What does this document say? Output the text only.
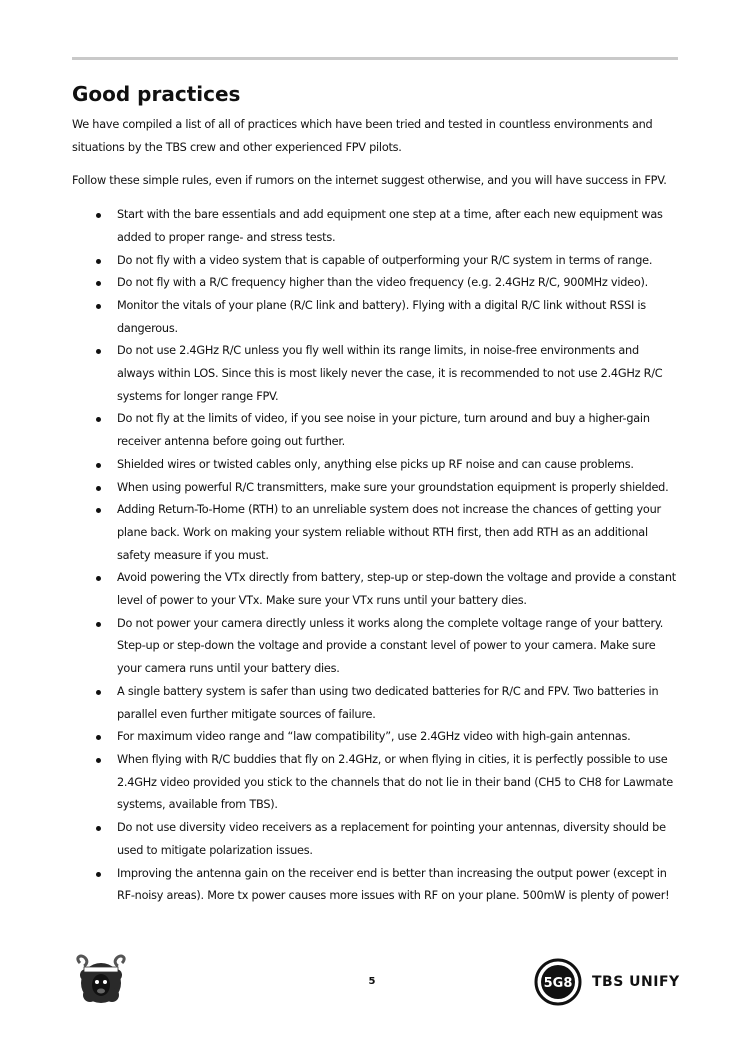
Good practices

We have compiled a list of all of practices which have been tried and tested in countless environments and situations by the TBS crew and other experienced FPV pilots.

Follow these simple rules, even if rumors on the internet suggest otherwise, and you will have success in FPV.

Start with the bare essentials and add equipment one step at a time, after each new equipment was added to proper range- and stress tests.
Do not fly with a video system that is capable of outperforming your R/C system in terms of range.
Do not fly with a R/C frequency higher than the video frequency (e.g. 2.4GHz R/C, 900MHz video).
Monitor the vitals of your plane (R/C link and battery). Flying with a digital R/C link without RSSI is dangerous.
Do not use 2.4GHz R/C unless you fly well within its range limits, in noise-free environments and always within LOS. Since this is most likely never the case, it is recommended to not use 2.4GHz R/C systems for longer range FPV.
Do not fly at the limits of video, if you see noise in your picture, turn around and buy a higher-gain receiver antenna before going out further.
Shielded wires or twisted cables only, anything else picks up RF noise and can cause problems.
When using powerful R/C transmitters, make sure your groundstation equipment is properly shielded.
Adding Return-To-Home (RTH) to an unreliable system does not increase the chances of getting your plane back. Work on making your system reliable without RTH first, then add RTH as an additional safety measure if you must.
Avoid powering the VTx directly from battery, step-up or step-down the voltage and provide a constant level of power to your VTx. Make sure your VTx runs until your battery dies.
Do not power your camera directly unless it works along the complete voltage range of your battery. Step-up or step-down the voltage and provide a constant level of power to your camera. Make sure your camera runs until your battery dies.
A single battery system is safer than using two dedicated batteries for R/C and FPV. Two batteries in parallel even further mitigate sources of failure.
For maximum video range and “law compatibility”, use 2.4GHz video with high-gain antennas.
When flying with R/C buddies that fly on 2.4GHz, or when flying in cities, it is perfectly possible to use 2.4GHz video provided you stick to the channels that do not lie in their band (CH5 to CH8 for Lawmate systems, available from TBS).
Do not use diversity video receivers as a replacement for pointing your antennas, diversity should be used to mitigate polarization issues.
Improving the antenna gain on the receiver end is better than increasing the output power (except in RF-noisy areas). More tx power causes more issues with RF on your plane. 500mW is plenty of power!
5	5G8 TBS UNIFY
